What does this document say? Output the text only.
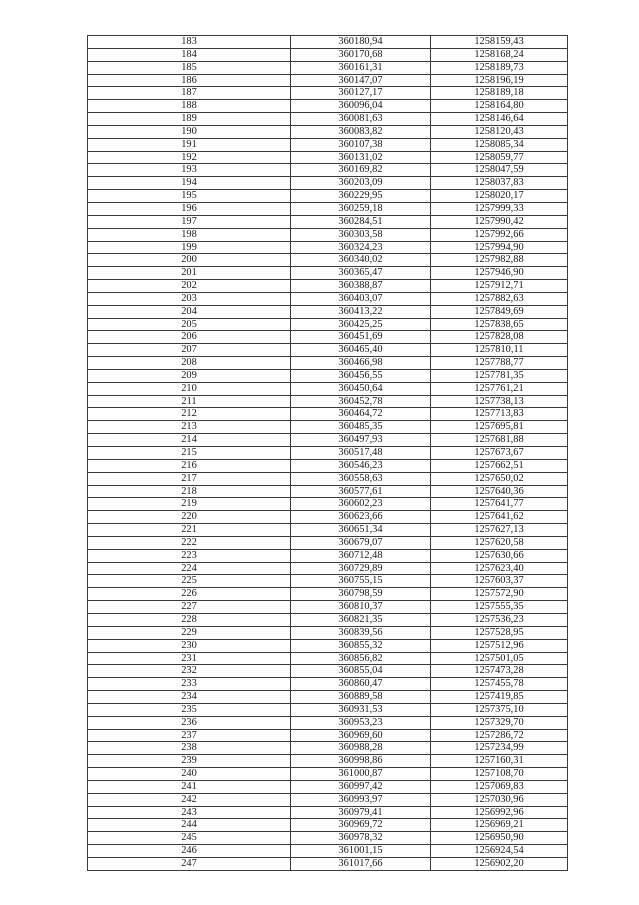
183	360180,94	1258159,43
184	360170,68	1258168,24
185	360161,31	1258189,73
186	360147,07	1258196,19
187	360127,17	1258189,18
188	360096,04	1258164,80
189	360081,63	1258146,64
190	360083,82	1258120,43
191	360107,38	1258085,34
192	360131,02	1258059,77
193	360169,82	1258047,59
194	360203,09	1258037,83
195	360229,95	1258020,17
196	360259,18	1257999,33
197	360284,51	1257990,42
198	360303,58	1257992,66
199	360324,23	1257994,90
200	360340,02	1257982,88
201	360365,47	1257946,90
202	360388,87	1257912,71
203	360403,07	1257882,63
204	360413,22	1257849,69
205	360425,25	1257838,65
206	360451,69	1257828,08
207	360465,40	1257810,11
208	360466,98	1257788,77
209	360456,55	1257781,35
210	360450,64	1257761,21
211	360452,78	1257738,13
212	360464,72	1257713,83
213	360485,35	1257695,81
214	360497,93	1257681,88
215	360517,48	1257673,67
216	360546,23	1257662,51
217	360558,63	1257650,02
218	360577,61	1257640,36
219	360602,23	1257641,77
220	360623,66	1257641,62
221	360651,34	1257627,13
222	360679,07	1257620,58
223	360712,48	1257630,66
224	360729,89	1257623,40
225	360755,15	1257603,37
226	360798,59	1257572,90
227	360810,37	1257555,35
228	360821,35	1257536,23
229	360839,56	1257528,95
230	360855,32	1257512,96
231	360856,82	1257501,05
232	360855,04	1257473,28
233	360860,47	1257455,78
234	360889,58	1257419,85
235	360931,53	1257375,10
236	360953,23	1257329,70
237	360969,60	1257286,72
238	360988,28	1257234,99
239	360998,86	1257160,31
240	361000,87	1257108,70
241	360997,42	1257069,83
242	360993,97	1257030,96
243	360979,41	1256992,96
244	360969,72	1256969,21
245	360978,32	1256950,90
246	361001,15	1256924,54
247	361017,66	1256902,20
